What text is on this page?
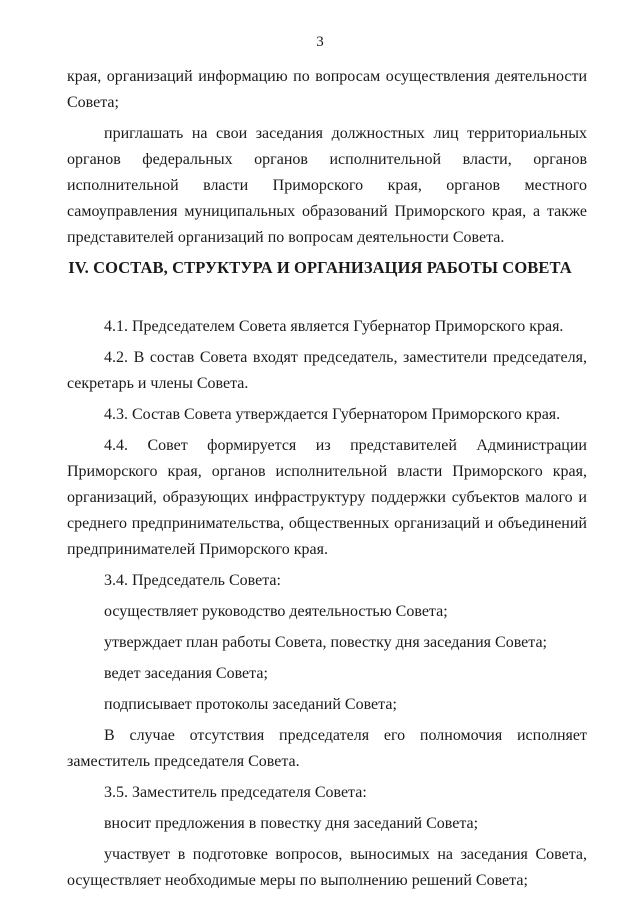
3

края, организаций информацию по вопросам осуществления деятельности Совета;

приглашать на свои заседания должностных лиц территориальных органов федеральных органов исполнительной власти, органов исполнительной власти Приморского края, органов местного самоуправления муниципальных образований Приморского края, а также представителей организаций по вопросам деятельности Совета.

IV. СОСТАВ, СТРУКТУРА И ОРГАНИЗАЦИЯ РАБОТЫ СОВЕТА

4.1. Председателем Совета является Губернатор Приморского края.

4.2. В состав Совета входят председатель, заместители председателя, секретарь и члены Совета.

4.3. Состав Совета утверждается Губернатором Приморского края.

4.4. Совет формируется из представителей Администрации Приморского края, органов исполнительной власти Приморского края, организаций, образующих инфраструктуру поддержки субъектов малого и среднего предпринимательства, общественных организаций и объединений предпринимателей Приморского края.

3.4. Председатель Совета:

осуществляет руководство деятельностью Совета;

утверждает план работы Совета, повестку дня заседания Совета;

ведет заседания Совета;

подписывает протоколы заседаний Совета;

В случае отсутствия председателя его полномочия исполняет заместитель председателя Совета.

3.5. Заместитель председателя Совета:

вносит предложения в повестку дня заседаний Совета;

участвует в подготовке вопросов, выносимых на заседания Совета, осуществляет необходимые меры по выполнению решений Совета;
